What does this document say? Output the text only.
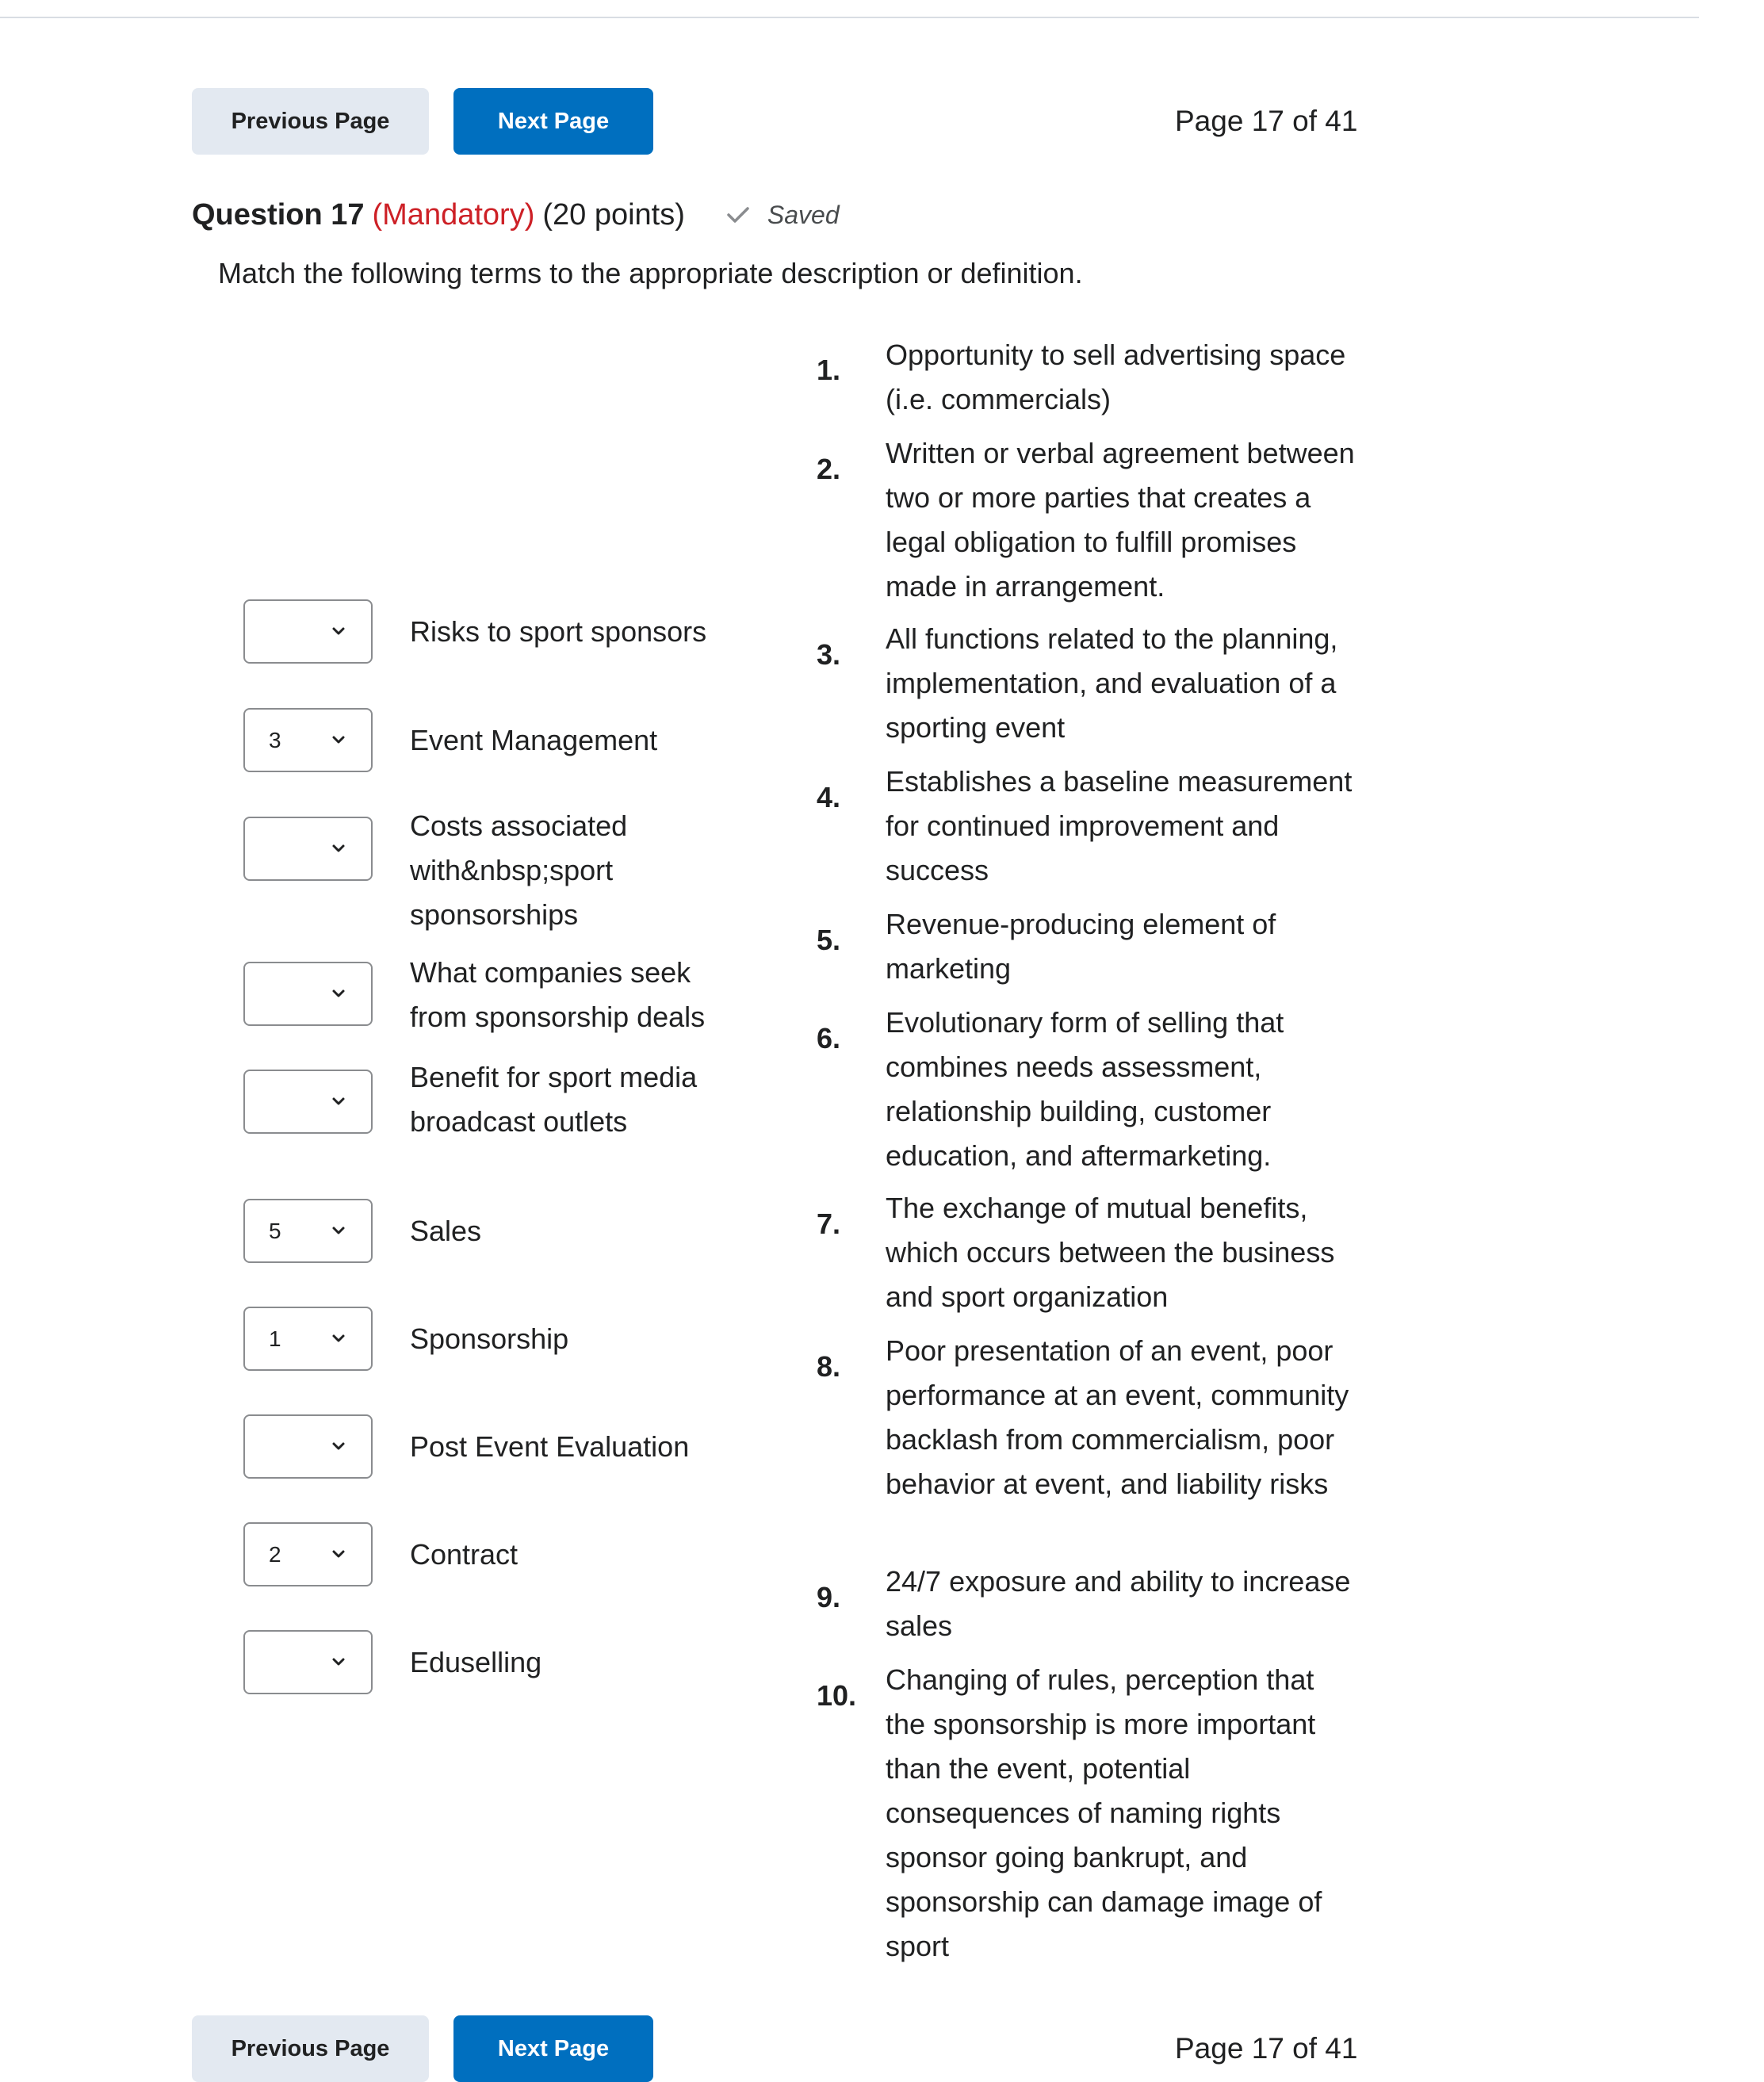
Previous Page	Next Page	Page 17 of 41
Question 17 (Mandatory) (20 points)	Saved
Match the following terms to the appropriate description or definition.
Risks to sport sponsors
3	Event Management
Costs associated with&nbsp;sport sponsorships
What companies seek from sponsorship deals
Benefit for sport media broadcast outlets
5	Sales
1	Sponsorship
Post Event Evaluation
2	Contract
Eduselling
1. Opportunity to sell advertising space (i.e. commercials)
2. Written or verbal agreement between two or more parties that creates a legal obligation to fulfill promises made in arrangement.
3. All functions related to the planning, implementation, and evaluation of a sporting event
4. Establishes a baseline measurement for continued improvement and success
5. Revenue-producing element of marketing
6. Evolutionary form of selling that combines needs assessment, relationship building, customer education, and aftermarketing.
7. The exchange of mutual benefits, which occurs between the business and sport organization
8. Poor presentation of an event, poor performance at an event, community backlash from commercialism, poor behavior at event, and liability risks
9. 24/7 exposure and ability to increase sales
10. Changing of rules, perception that the sponsorship is more important than the event, potential consequences of naming rights sponsor going bankrupt, and sponsorship can damage image of sport
Previous Page	Next Page	Page 17 of 41
